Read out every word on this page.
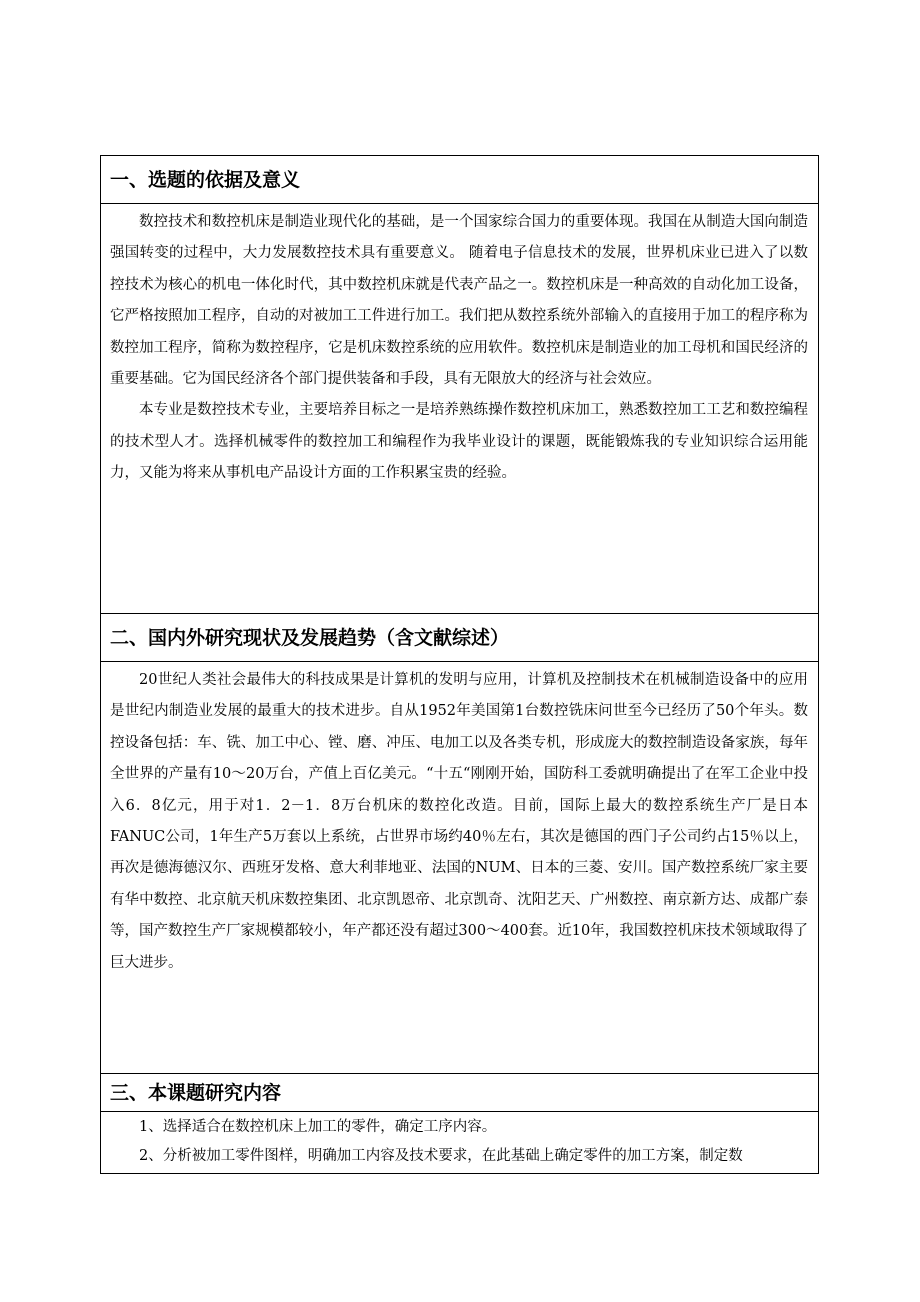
一、选题的依据及意义

数控技术和数控机床是制造业现代化的基础，是一个国家综合国力的重要体现。我国在从制造大国向制造强国转变的过程中，大力发展数控技术具有重要意义。 随着电子信息技术的发展，世界机床业已进入了以数控技术为核心的机电一体化时代，其中数控机床就是代表产品之一。数控机床是一种高效的自动化加工设备，它严格按照加工程序，自动的对被加工工件进行加工。我们把从数控系统外部输入的直接用于加工的程序称为数控加工程序，简称为数控程序，它是机床数控系统的应用软件。数控机床是制造业的加工母机和国民经济的重要基础。它为国民经济各个部门提供装备和手段，具有无限放大的经济与社会效应。

本专业是数控技术专业，主要培养目标之一是培养熟练操作数控机床加工，熟悉数控加工工艺和数控编程的技术型人才。选择机械零件的数控加工和编程作为我毕业设计的课题，既能锻炼我的专业知识综合运用能力，又能为将来从事机电产品设计方面的工作积累宝贵的经验。

二、国内外研究现状及发展趋势（含文献综述）

20世纪人类社会最伟大的科技成果是计算机的发明与应用，计算机及控制技术在机械制造设备中的应用是世纪内制造业发展的最重大的技术进步。自从1952年美国第1台数控铣床问世至今已经历了50个年头。数控设备包括：车、铣、加工中心、镗、磨、冲压、电加工以及各类专机，形成庞大的数控制造设备家族，每年全世界的产量有10～20万台，产值上百亿美元。“十五“刚刚开始，国防科工委就明确提出了在军工企业中投入6．8亿元，用于对1．2－1．8万台机床的数控化改造。目前，国际上最大的数控系统生产厂是日本FANUC公司，1年生产5万套以上系统，占世界市场约40％左右，其次是德国的西门子公司约占15％以上，再次是德海德汉尔、西班牙发格、意大利菲地亚、法国的NUM、日本的三菱、安川。国产数控系统厂家主要有华中数控、北京航天机床数控集团、北京凯恩帝、北京凯奇、沈阳艺天、广州数控、南京新方达、成都广泰等，国产数控生产厂家规模都较小，年产都还没有超过300～400套。近10年，我国数控机床技术领域取得了巨大进步。

三、本课题研究内容

1、选择适合在数控机床上加工的零件，确定工序内容。

2、分析被加工零件图样，明确加工内容及技术要求，在此基础上确定零件的加工方案，制定数
